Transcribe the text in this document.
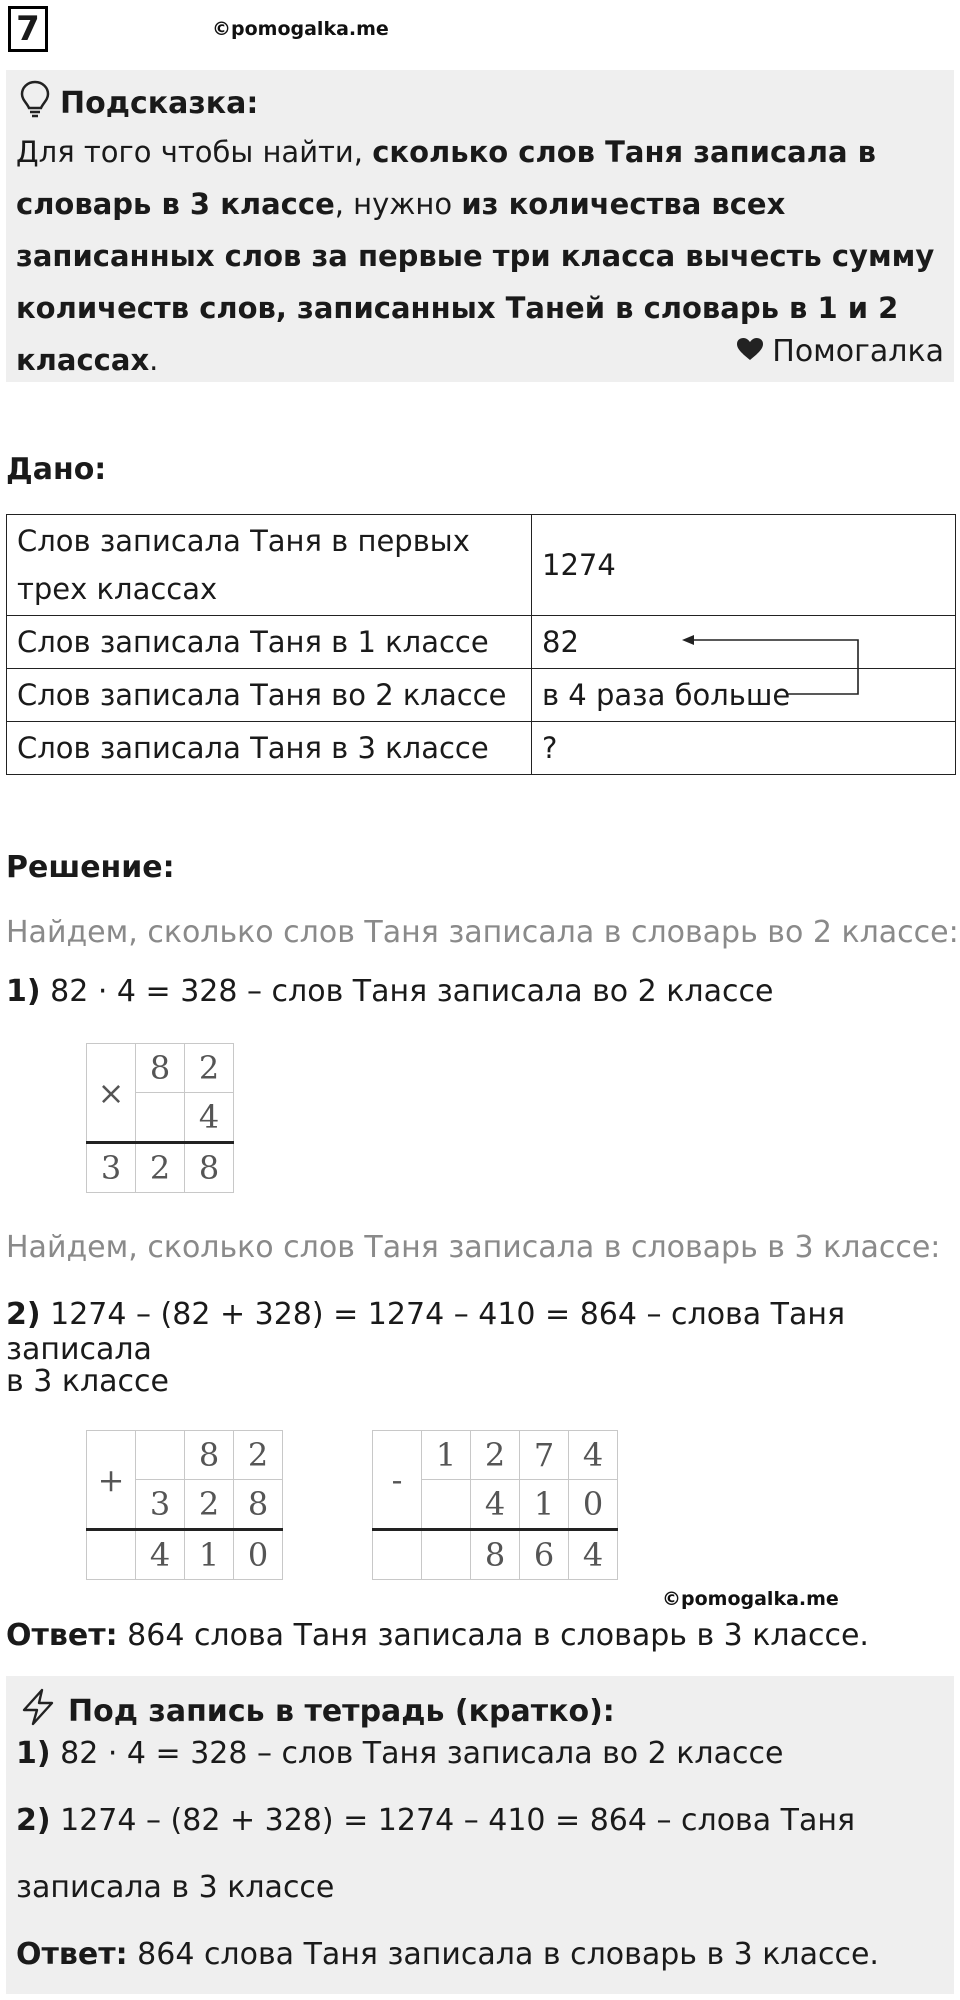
7	©pomogalka.me
Подсказка:
Для того чтобы найти, сколько слов Таня записала в словарь в 3 классе, нужно из количества всех записанных слов за первые три класса вычесть сумму количеств слов, записанных Таней в словарь в 1 и 2 классах.	Помогалка
Дано:
Слов записала Таня в первых трех классах	1274
Слов записала Таня в 1 классе	82
Слов записала Таня во 2 классе	в 4 раза больше
Слов записала Таня в 3 классе	?
Решение:
Найдем, сколько слов Таня записала в словарь во 2 классе:
1) 82 · 4 = 328 – слов Таня записала во 2 классе
×	8	2
		4
3	2	8
Найдем, сколько слов Таня записала в словарь в 3 классе:
2) 1274 – (82 + 328) = 1274 – 410 = 864 – слова Таня записала
в 3 классе
+		8	2
	3	2	8
	4	1	0
-	1	2	7	4
		4	1	0
		8	6	4
©pomogalka.me
Ответ: 864 слова Таня записала в словарь в 3 классе.
Под запись в тетрадь (кратко):
1) 82 · 4 = 328 – слов Таня записала во 2 классе
2) 1274 – (82 + 328) = 1274 – 410 = 864 – слова Таня
записала в 3 классе
Ответ: 864 слова Таня записала в словарь в 3 классе.
